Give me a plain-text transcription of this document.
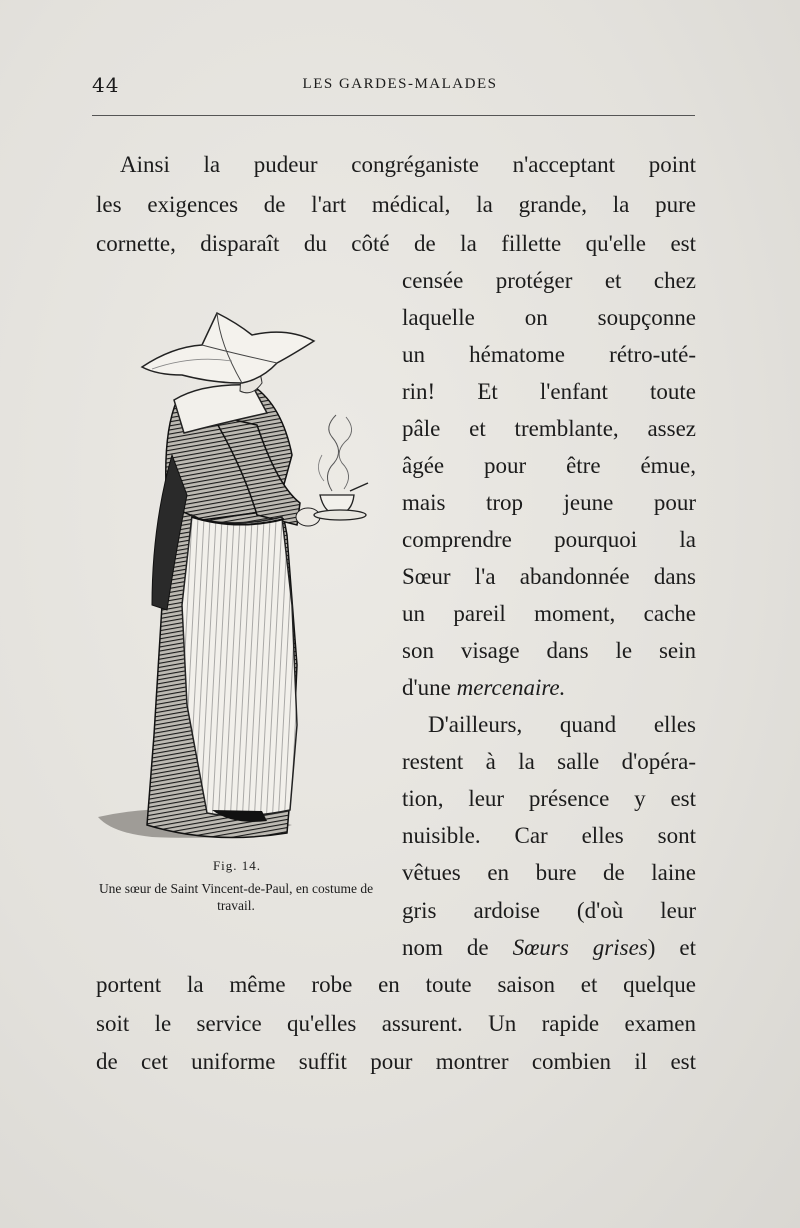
44	LES GARDES-MALADES

Ainsi la pudeur congréganiste n'acceptant point

les exigences de l'art médical, la grande, la pure

cornette, disparaît du côté de la fillette qu'elle est

censée protéger et chez

laquelle on soupçonne

un hématome rétro-uté-

rin! Et l'enfant toute

pâle et tremblante, assez

âgée pour être émue,

mais trop jeune pour

comprendre pourquoi la

Sœur l'a abandonnée dans

un pareil moment, cache

son visage dans le sein

d'une mercenaire.

D'ailleurs, quand elles

restent à la salle d'opéra-

tion, leur présence y est

nuisible. Car elles sont

vêtues en bure de laine

gris ardoise (d'où leur

nom de Sœurs grises) et

portent la même robe en toute saison et quelque

soit le service qu'elles assurent. Un rapide examen

de cet uniforme suffit pour montrer combien il est

Fig. 14.
Une sœur de Saint Vincent-de-Paul, en costume de travail.
